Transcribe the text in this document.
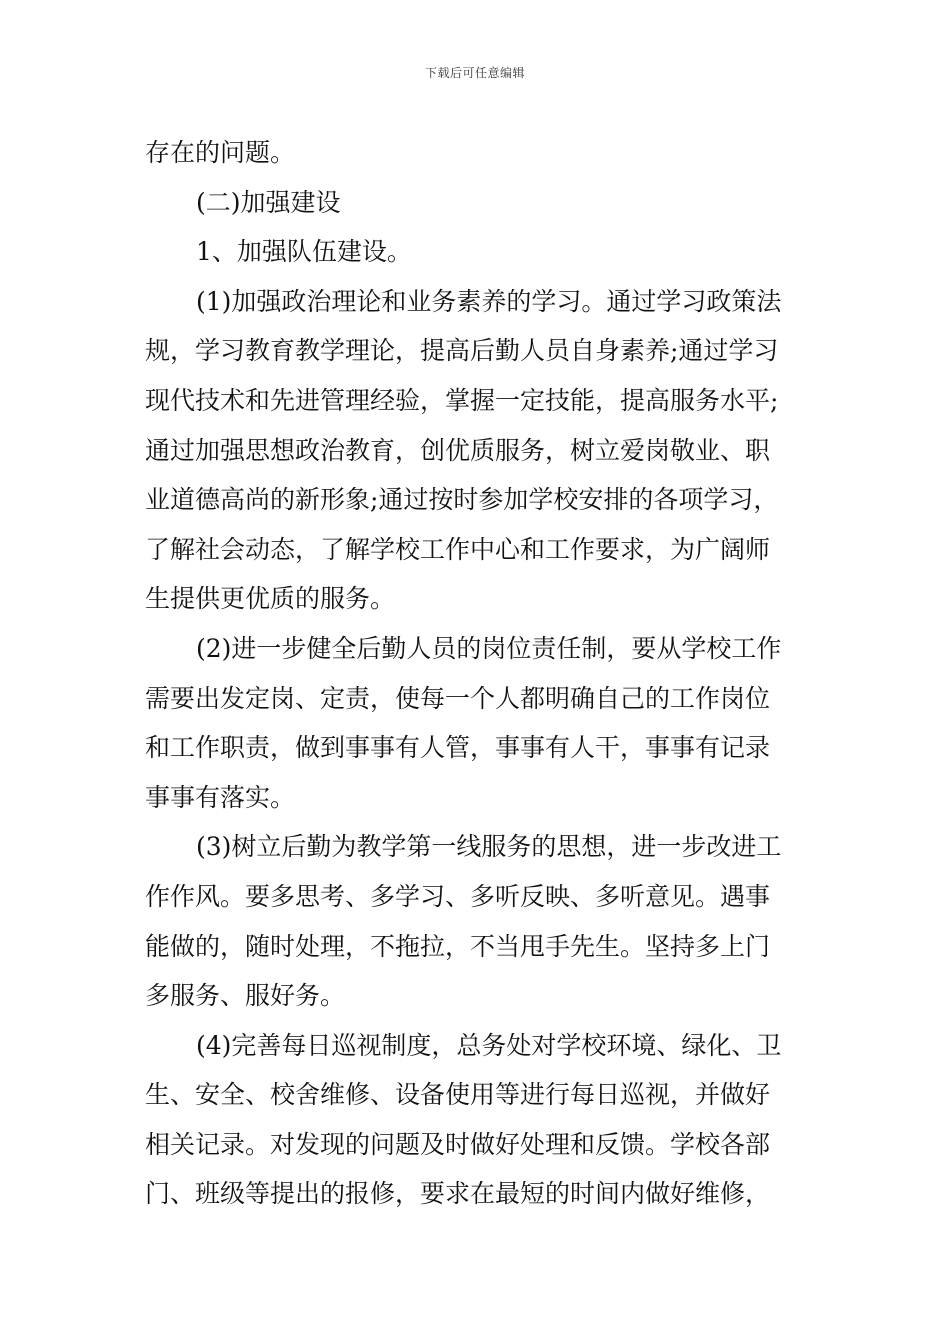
下载后可任意编辑
存在的问题。
(二)加强建设
1、加强队伍建设。
(1)加强政治理论和业务素养的学习。通过学习政策法
规，学习教育教学理论，提高后勤人员自身素养;通过学习
现代技术和先进管理经验，掌握一定技能，提高服务水平;
通过加强思想政治教育，创优质服务，树立爱岗敬业、职
业道德高尚的新形象;通过按时参加学校安排的各项学习，
了解社会动态，了解学校工作中心和工作要求，为广阔师
生提供更优质的服务。
(2)进一步健全后勤人员的岗位责任制，要从学校工作
需要出发定岗、定责，使每一个人都明确自己的工作岗位
和工作职责，做到事事有人管，事事有人干，事事有记录
事事有落实。
(3)树立后勤为教学第一线服务的思想，进一步改进工
作作风。要多思考、多学习、多听反映、多听意见。遇事
能做的，随时处理，不拖拉，不当甩手先生。坚持多上门
多服务、服好务。
(4)完善每日巡视制度，总务处对学校环境、绿化、卫
生、安全、校舍维修、设备使用等进行每日巡视，并做好
相关记录。对发现的问题及时做好处理和反馈。学校各部
门、班级等提出的报修，要求在最短的时间内做好维修，
